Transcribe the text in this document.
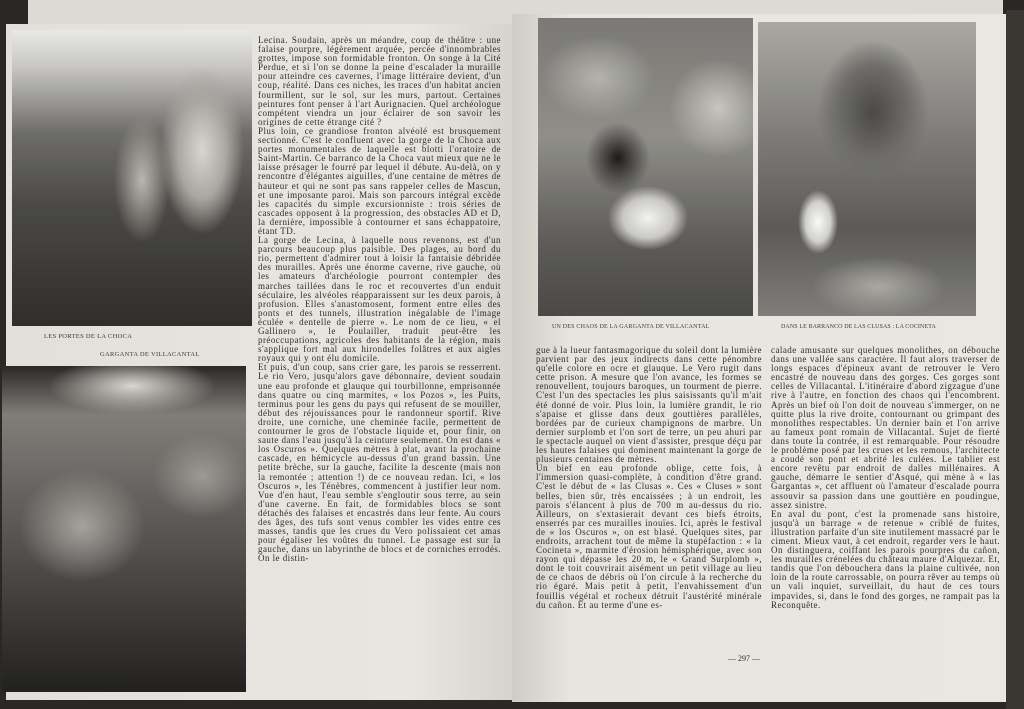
LES PORTES DE LA CHOCA
GARGANTA DE VILLACANTAL
UN DES CHAOS DE LA GARGANTA DE VILLACANTAL	DANS LE BARRANCO DE LAS CLUSAS : LA COCINETA

Lecina. Soudain, après un méandre, coup de théâtre : une falaise pourpre, légèrement arquée, percée d'innombrables grottes, impose son formidable fronton. On songe à la Cité Perdue, et si l'on se donne la peine d'escalader la muraille pour atteindre ces cavernes, l'image littéraire devient, d'un coup, réalité. Dans ces niches, les traces d'un habitat ancien fourmillent, sur le sol, sur les murs, partout. Certaines peintures font penser à l'art Aurignacien. Quel archéologue compétent viendra un jour éclairer de son savoir les origines de cette étrange cité ?

Plus loin, ce grandiose fronton alvéolé est brusquement sectionné. C'est le confluent avec la gorge de la Choca aux portes monumentales de laquelle est blotti l'oratoire de Saint-Martin. Ce barranco de la Choca vaut mieux que ne le laisse présager le fourré par lequel il débute. Au-delà, on y rencontre d'élégantes aiguilles, d'une centaine de mètres de hauteur et qui ne sont pas sans rappeler celles de Mascun, et une imposante paroi. Mais son parcours intégral excède les capacités du simple excursionniste : trois séries de cascades opposent à la progression, des obstacles AD et D, la dernière, impossible à contourner et sans échappatoire, étant TD.

La gorge de Lecina, à laquelle nous revenons, est d'un parcours beaucoup plus paisible. Des plages, au bord du rio, permettent d'admirer tout à loisir la fantaisie débridée des murailles. Après une énorme caverne, rive gauche, où les amateurs d'archéologie pourront contempler des marches taillées dans le roc et recouvertes d'un enduit séculaire, les alvéoles réapparaissent sur les deux parois, à profusion. Elles s'anastomosent, forment entre elles des ponts et des tunnels, illustration inégalable de l'image éculée « dentelle de pierre ». Le nom de ce lieu, « el Gallinero », le Poulailler, traduit peut-être les préoccupations, agricoles des habitants de la région, mais s'applique fort mal aux hirondelles folâtres et aux aigles royaux qui y ont élu domicile.

Et puis, d'un coup, sans crier gare, les parois se resserrent. Le rio Vero, jusqu'alors gave débonnaire, devient soudain une eau profonde et glauque qui tourbillonne, emprisonnée dans quatre ou cinq marmites, « los Pozos », les Puits, terminus pour les gens du pays qui refusent de se mouiller, début des réjouissances pour le randonneur sportif. Rive droite, une corniche, une cheminée facile, permettent de contourner le gros de l'obstacle liquide et, pour finir, on saute dans l'eau jusqu'à la ceinture seulement. On est dans « los Oscuros ». Quelques mètres à plat, avant la prochaine cascade, en hémicycle au-dessus d'un grand bassin. Une petite brèche, sur la gauche, facilite la descente (mais non la remontée ; attention !) de ce nouveau redan. Ici, « los Oscuros », les Ténèbres, commencent à justifier leur nom. Vue d'en haut, l'eau semble s'engloutir sous terre, au sein d'une caverne. En fait, de formidables blocs se sont détachés des falaises et encastrés dans leur fente. Au cours des âges, des tufs sont venus combler les vides entre ces masses, tandis que les crues du Vero polissaient cet amas pour égaliser les voûtes du tunnel. Le passage est sur la gauche, dans un labyrinthe de blocs et de corniches errodés. On le distin-

gue à la lueur fantasmagorique du soleil dont la lumière parvient par des jeux indirects dans cette pénombre qu'elle colore en ocre et glauque. Le Vero rugit dans cette prison. A mesure que l'on avance, les formes se renouvellent, toujours baroques, un tourment de pierre. C'est l'un des spectacles les plus saisissants qu'il m'ait été donné de voir. Plus loin, la lumière grandit, le rio s'apaise et glisse dans deux gouttières parallèles, bordées par de curieux champignons de marbre. Un dernier surplomb et l'on sort de terre, un peu ahuri par le spectacle auquel on vient d'assister, presque déçu par les hautes falaises qui dominent maintenant la gorge de plusieurs centaines de mètres.

Un bief en eau profonde oblige, cette fois, à l'immersion quasi-complète, à condition d'être grand. C'est le début de « las Clusas ». Ces « Cluses » sont belles, bien sûr, très encaissées ; à un endroit, les parois s'élancent à plus de 700 m au-dessus du rio. Ailleurs, on s'extasierait devant ces biefs étroits, enserrés par ces murailles inouïes. Ici, après le festival de « los Oscuros », on est blasé. Quelques sites, par endroits, arrachent tout de même la stupéfaction : « la Cocineta », marmite d'érosion hémisphérique, avec son rayon qui dépasse les 20 m, le « Grand Surplomb », dont le toit couvrirait aisément un petit village au lieu de ce chaos de débris où l'on circule à la recherche du rio égaré. Mais petit à petit, l'envahissement d'un fouillis végétal et rocheux détruit l'austérité minérale du cañon. Et au terme d'une es-

calade amusante sur quelques monolithes, on débouche dans une vallée sans caractère. Il faut alors traverser de longs espaces d'épineux avant de retrouver le Vero encastré de nouveau dans des gorges. Ces gorges sont celles de Villacantal. L'itinéraire d'abord zigzague d'une rive à l'autre, en fonction des chaos qui l'encombrent. Après un bief où l'on doit de nouveau s'immerger, on ne quitte plus la rive droite, contournant ou grimpant des monolithes respectables. Un dernier bain et l'on arrive au fameux pont romain de Villacantal. Sujet de fierté dans toute la contrée, il est remarquable. Pour résoudre le problème posé par les crues et les remous, l'architecte a coudé son pont et abrité les culées. Le tablier est encore revêtu par endroit de dalles millénaires. A gauche, démarre le sentier d'Asqué, qui mène à « las Gargantas », cet affluent où l'amateur d'escalade pourra assouvir sa passion dans une gouttière en poudingue, assez sinistre.

En aval du pont, c'est la promenade sans histoire, jusqu'à un barrage « de retenue » criblé de fuites, illustration parfaite d'un site inutilement massacré par le ciment. Mieux vaut, à cet endroit, regarder vers le haut. On distinguera, coiffant les parois pourpres du cañon, les murailles crénelées du château maure d'Alquezar. Et, tandis que l'on débouchera dans la plaine cultivée, non loin de la route carrossable, on pourra rêver au temps où un vali inquiet, surveillait, du haut de ces tours impavides, si, dans le fond des gorges, ne rampait pas la Reconquête.

— 297 —
